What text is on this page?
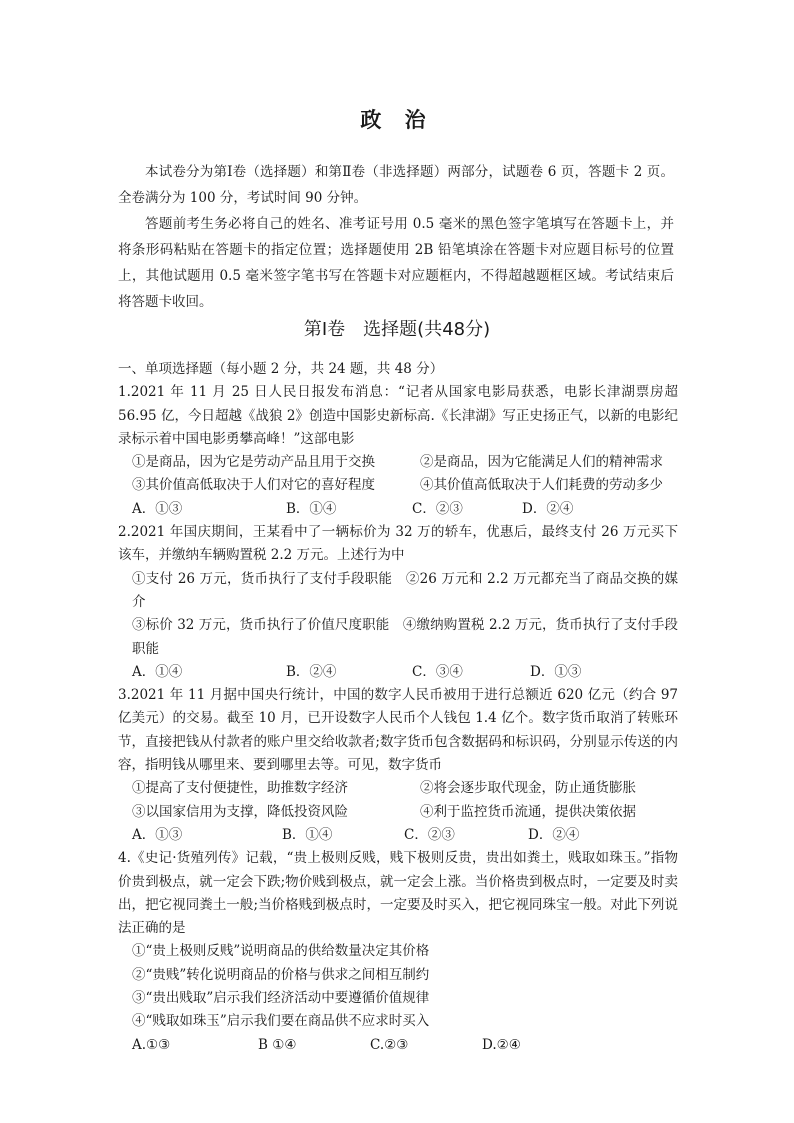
政 治

本试卷分为第Ⅰ卷（选择题）和第Ⅱ卷（非选择题）两部分，试题卷 6 页，答题卡 2 页。全卷满分为 100 分，考试时间 90 分钟。

答题前考生务必将自己的姓名、准考证号用 0.5 毫米的黑色签字笔填写在答题卡上，并将条形码粘贴在答题卡的指定位置；选择题使用 2B 铅笔填涂在答题卡对应题目标号的位置上，其他试题用 0.5 毫米签字笔书写在答题卡对应题框内，不得超越题框区域。考试结束后将答题卡收回。

第Ⅰ卷　选择题(共48分)
一、单项选择题（每小题 2 分，共 24 题，共 48 分）
1.2021 年 11 月 25 日人民日报发布消息：“记者从国家电影局获悉，电影长津湖票房超 56.95 亿，今日超越《战狼 2》创造中国影史新标高.《长津湖》写正史扬正气，以新的电影纪录标示着中国电影勇攀高峰！”这部电影
①是商品，因为它是劳动产品且用于交换	②是商品，因为它能满足人们的精神需求
③其价值高低取决于人们对它的喜好程度	④其价值高低取决于人们耗费的劳动多少
A．①③	B．①④	C．②③	D．②④
2.2021 年国庆期间，王某看中了一辆标价为 32 万的轿车，优惠后，最终支付 26 万元买下该车，并缴纳车辆购置税 2.2 万元。上述行为中
①支付 26 万元，货币执行了支付手段职能　②26 万元和 2.2 万元都充当了商品交换的媒介
③标价 32 万元，货币执行了价值尺度职能　④缴纳购置税 2.2 万元，货币执行了支付手段职能
A．①④	B．②④	C．③④	D．①③
3.2021 年 11 月据中国央行统计，中国的数字人民币被用于进行总额近 620 亿元（约合 97 亿美元）的交易。截至 10 月，已开设数字人民币个人钱包 1.4 亿个。数字货币取消了转账环节，直接把钱从付款者的账户里交给收款者;数字货币包含数据码和标识码，分别显示传送的内容，指明钱从哪里来、要到哪里去等。可见，数字货币
①提高了支付便捷性，助推数字经济	②将会逐步取代现金，防止通货膨胀
③以国家信用为支撑，降低投资风险	④利于监控货币流通，提供决策依据
A．①③	B．①④	C．②③	D．②④
4.《史记·货殖列传》记载，“贵上极则反贱，贱下极则反贵，贵出如粪土，贱取如珠玉。”指物价贵到极点，就一定会下跌;物价贱到极点，就一定会上涨。当价格贵到极点时，一定要及时卖出，把它视同粪土一般;当价格贱到极点时，一定要及时买入，把它视同珠宝一般。对此下列说法正确的是
①“贵上极则反贱”说明商品的供给数量决定其价格
②“贵贱”转化说明商品的价格与供求之间相互制约
③“贵出贱取”启示我们经济活动中要遵循价值规律
④“贱取如珠玉”启示我们要在商品供不应求时买入
A.①③	B ①④	C.②③	D.②④
